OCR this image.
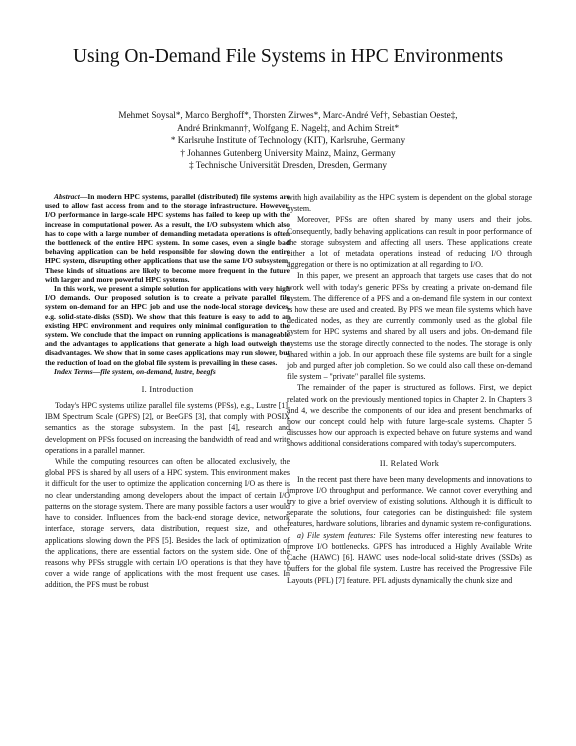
Using On-Demand File Systems in HPC Environments
Mehmet Soysal*, Marco Berghoff*, Thorsten Zirwes*, Marc-André Vef†, Sebastian Oeste‡,
André Brinkmann†, Wolfgang E. Nagel‡, and Achim Streit*
* Karlsruhe Institute of Technology (KIT), Karlsruhe, Germany
† Johannes Gutenberg University Mainz, Mainz, Germany
‡ Technische Universität Dresden, Dresden, Germany

Abstract—In modern HPC systems, parallel (distributed) file systems are used to allow fast access from and to the storage infrastructure. However, I/O performance in large-scale HPC systems has failed to keep up with the increase in computational power. As a result, the I/O subsystem which also has to cope with a large number of demanding metadata operations is often the bottleneck of the entire HPC system. In some cases, even a single bad behaving application can be held responsible for slowing down the entire HPC system, disrupting other applications that use the same I/O subsystem. These kinds of situations are likely to become more frequent in the future with larger and more powerful HPC systems.

In this work, we present a simple solution for applications with very high I/O demands. Our proposed solution is to create a private parallel file system on-demand for an HPC job and use the node-local storage devices, e.g. solid-state-disks (SSD). We show that this feature is easy to add to an existing HPC environment and requires only minimal configuration to the system. We conclude that the impact on running applications is manageable and the advantages to applications that generate a high load outweigh the disadvantages. We show that in some cases applications may run slower, but the reduction of load on the global file system is prevailing in these cases.

Index Terms—file system, on-demand, lustre, beegfs

I. Introduction

Today's HPC systems utilize parallel file systems (PFSs), e.g., Lustre [1], IBM Spectrum Scale (GPFS) [2], or BeeGFS [3], that comply with POSIX semantics as the storage subsystem. In the past [4], research and development on PFSs focused on increasing the bandwidth of read and write operations in a parallel manner.

While the computing resources can often be allocated exclusively, the global PFS is shared by all users of a HPC system. This environment makes it difficult for the user to optimize the application concerning I/O as there is no clear understanding among developers about the impact of certain I/O patterns on the storage system. There are many possible factors a user would have to consider. Influences from the back-end storage device, network interface, storage servers, data distribution, request size, and other applications slowing down the PFS [5]. Besides the lack of optimization of the applications, there are essential factors on the system side. One of the reasons why PFSs struggle with certain I/O operations is that they have to cover a wide range of applications with the most frequent use cases. In addition, the PFS must be robust

with high availability as the HPC system is dependent on the global storage system.

Moreover, PFSs are often shared by many users and their jobs. Consequently, badly behaving applications can result in poor performance of the storage subsystem and affecting all users. These applications create either a lot of metadata operations instead of reducing I/O through aggregation or there is no optimization at all regarding to I/O.

In this paper, we present an approach that targets use cases that do not work well with today's generic PFSs by creating a private on-demand file system. The difference of a PFS and a on-demand file system in our context is how these are used and created. By PFS we mean file systems which have dedicated nodes, as they are currently commonly used as the global file system for HPC systems and shared by all users and jobs. On-demand file systems use the storage directly connected to the nodes. The storage is only shared within a job. In our approach these file systems are built for a single job and purged after job completion. So we could also call these on-demand file system – "private" parallel file systems.

The remainder of the paper is structured as follows. First, we depict related work on the previously mentioned topics in Chapter 2. In Chapters 3 and 4, we describe the components of our idea and present benchmarks of how our concept could help with future large-scale systems. Chapter 5 discusses how our approach is expected behave on future systems and wand shows additional considerations compared with today's supercomputers.

II. Related Work

In the recent past there have been many developments and innovations to improve I/O throughput and performance. We cannot cover everything and try to give a brief overview of existing solutions. Although it is difficult to separate the solutions, four categories can be distinguished: file system features, hardware solutions, libraries and dynamic system re-configurations.

a) File system features: File Systems offer interesting new features to improve I/O bottlenecks. GPFS has introduced a Highly Available Write Cache (HAWC) [6]. HAWC uses node-local solid-state drives (SSDs) as buffers for the global file system. Lustre has received the Progressive File Layouts (PFL) [7] feature. PFL adjusts dynamically the chunk size and
